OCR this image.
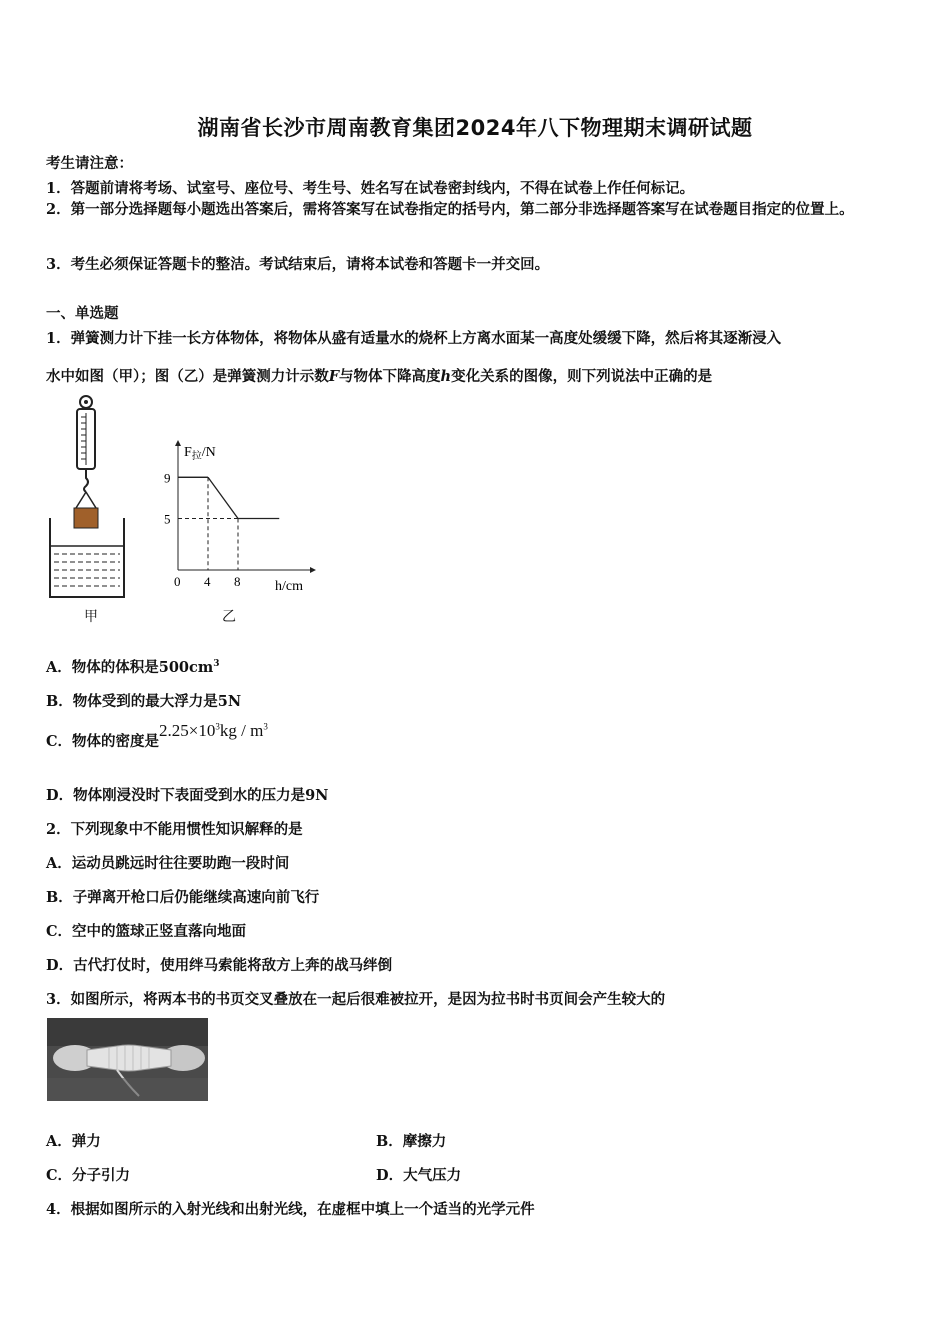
湖南省长沙市周南教育集团2024年八下物理期末调研试题
考生请注意：
1．答题前请将考场、试室号、座位号、考生号、姓名写在试卷密封线内，不得在试卷上作任何标记。
2．第一部分选择题每小题选出答案后，需将答案写在试卷指定的括号内，第二部分非选择题答案写在试卷题目指定的位置上。
3．考生必须保证答题卡的整洁。考试结束后，请将本试卷和答题卡一并交回。
一、单选题
1．弹簧测力计下挂一长方体物体，将物体从盛有适量水的烧杯上方离水面某一高度处缓缓下降，然后将其逐渐浸入
水中如图（甲）；图（乙）是弹簧测力计示数F与物体下降高度h变化关系的图像，则下列说法中正确的是
甲
$F_拉/N$
h/cm
9
5
0 4 8
乙
A．物体的体积是$500cm^3$
B．物体受到的最大浮力是5N
C．物体的密度是$2.25\times 10^3kg / m^3$
D．物体刚浸没时下表面受到水的压力是9N
2．下列现象中不能用惯性知识解释的是
A．运动员跳远时往往要助跑一段时间
B．子弹离开枪口后仍能继续高速向前飞行
C．空中的篮球正竖直落向地面
D．古代打仗时，使用绊马索能将敌方上奔的战马绊倒
3．如图所示，将两本书的书页交叉叠放在一起后很难被拉开，是因为拉书时书页间会产生较大的
A．弹力	B．摩擦力
C．分子引力	D．大气压力
4．根据如图所示的入射光线和出射光线，在虚框中填上一个适当的光学元件
